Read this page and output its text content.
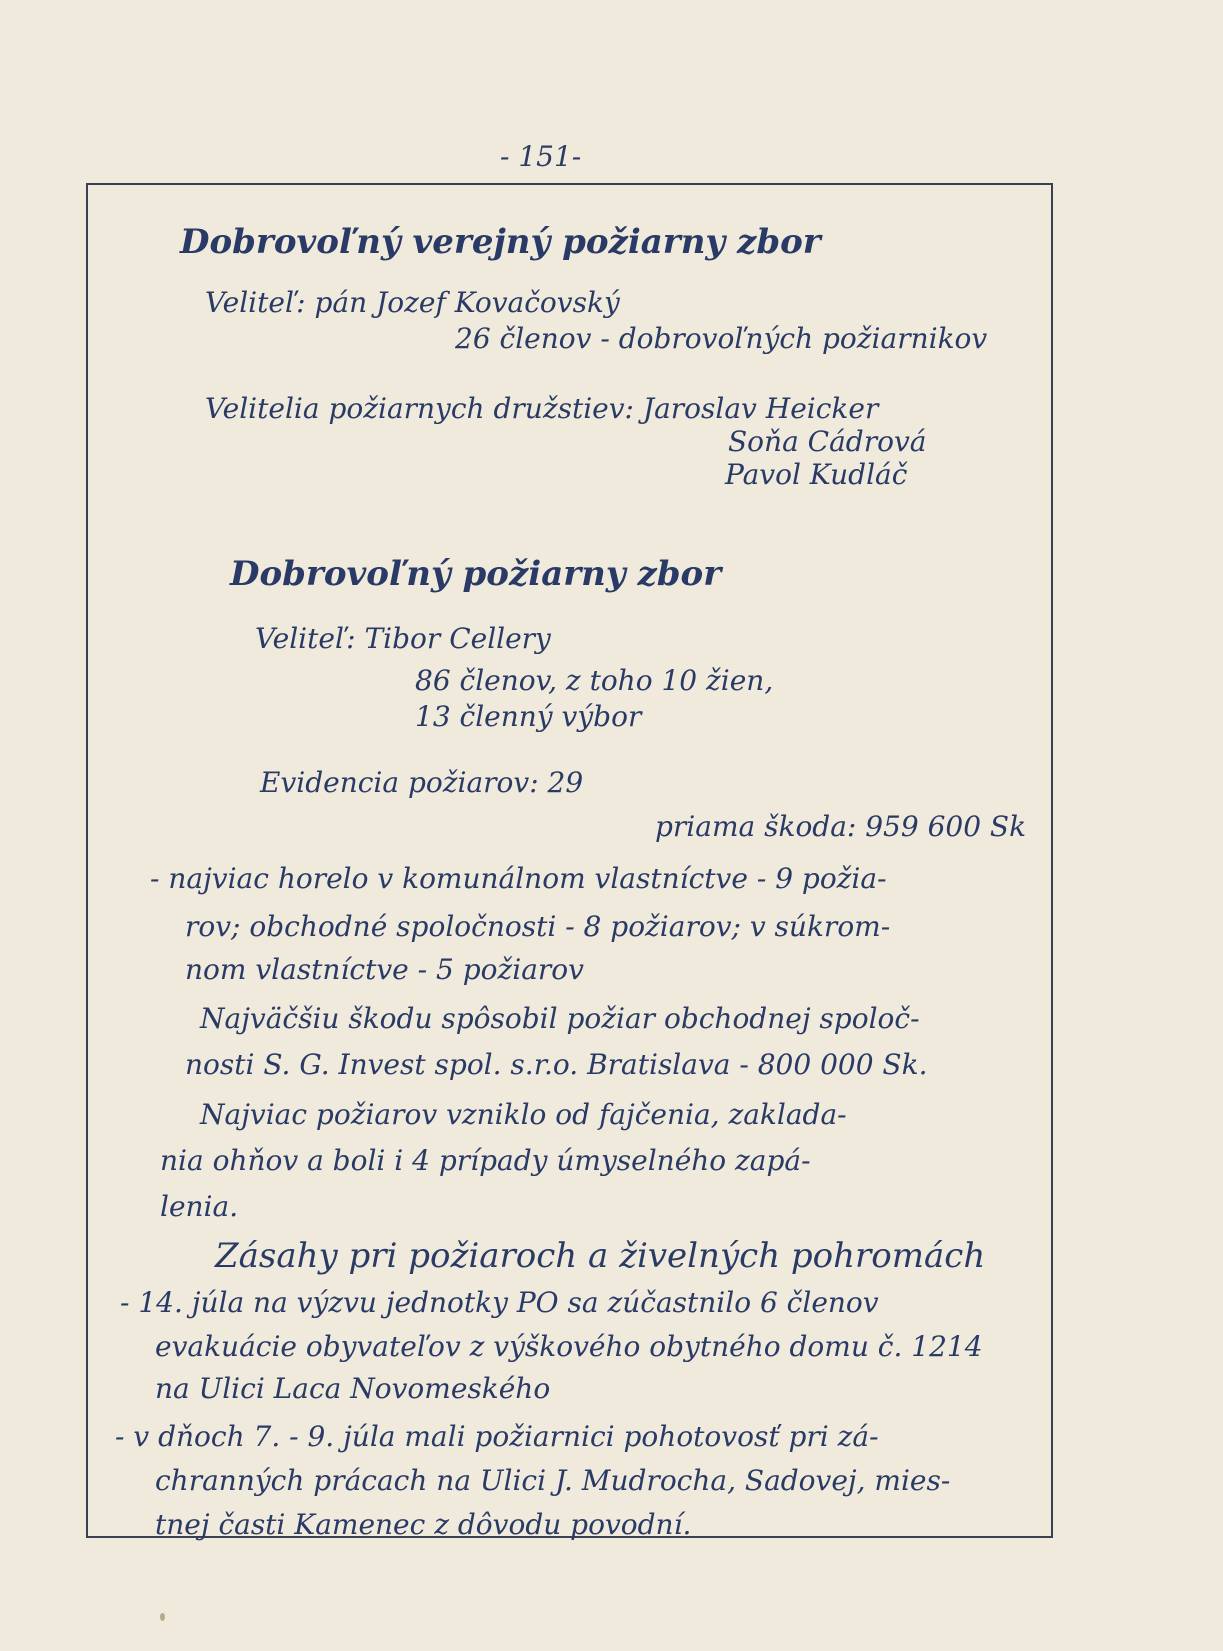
- 151-
Dobrovoľný verejný požiarny zbor
Veliteľ: pán Jozef Kovačovský
26 členov - dobrovoľných požiarnikov
Velitelia požiarnych družstiev: Jaroslav Heicker
Soňa Cádrová
Pavol Kudláč
Dobrovoľný požiarny zbor
Veliteľ: Tibor Cellery
86 členov, z toho 10 žien,
13 členný výbor
Evidencia požiarov: 29
priama škoda: 959 600 Sk
- najviac horelo v komunálnom vlastníctve - 9 požia-
rov; obchodné spoločnosti - 8 požiarov; v súkrom-
nom vlastníctve - 5 požiarov
Najväčšiu škodu spôsobil požiar obchodnej spoloč-
nosti S. G. Invest spol. s.r.o. Bratislava - 800 000 Sk.
Najviac požiarov vzniklo od fajčenia, zaklada-
nia ohňov a boli i 4 prípady úmyselného zapá-
lenia.
Zásahy pri požiaroch a živelných pohromách
- 14. júla na výzvu jednotky PO sa zúčastnilo 6 členov
evakuácie obyvateľov z výškového obytného domu č. 1214
na Ulici Laca Novomeského
- v dňoch 7. - 9. júla mali požiarnici pohotovosť pri zá-
chranných prácach na Ulici J. Mudrocha, Sadovej, mies-
tnej časti Kamenec z dôvodu povodní.
